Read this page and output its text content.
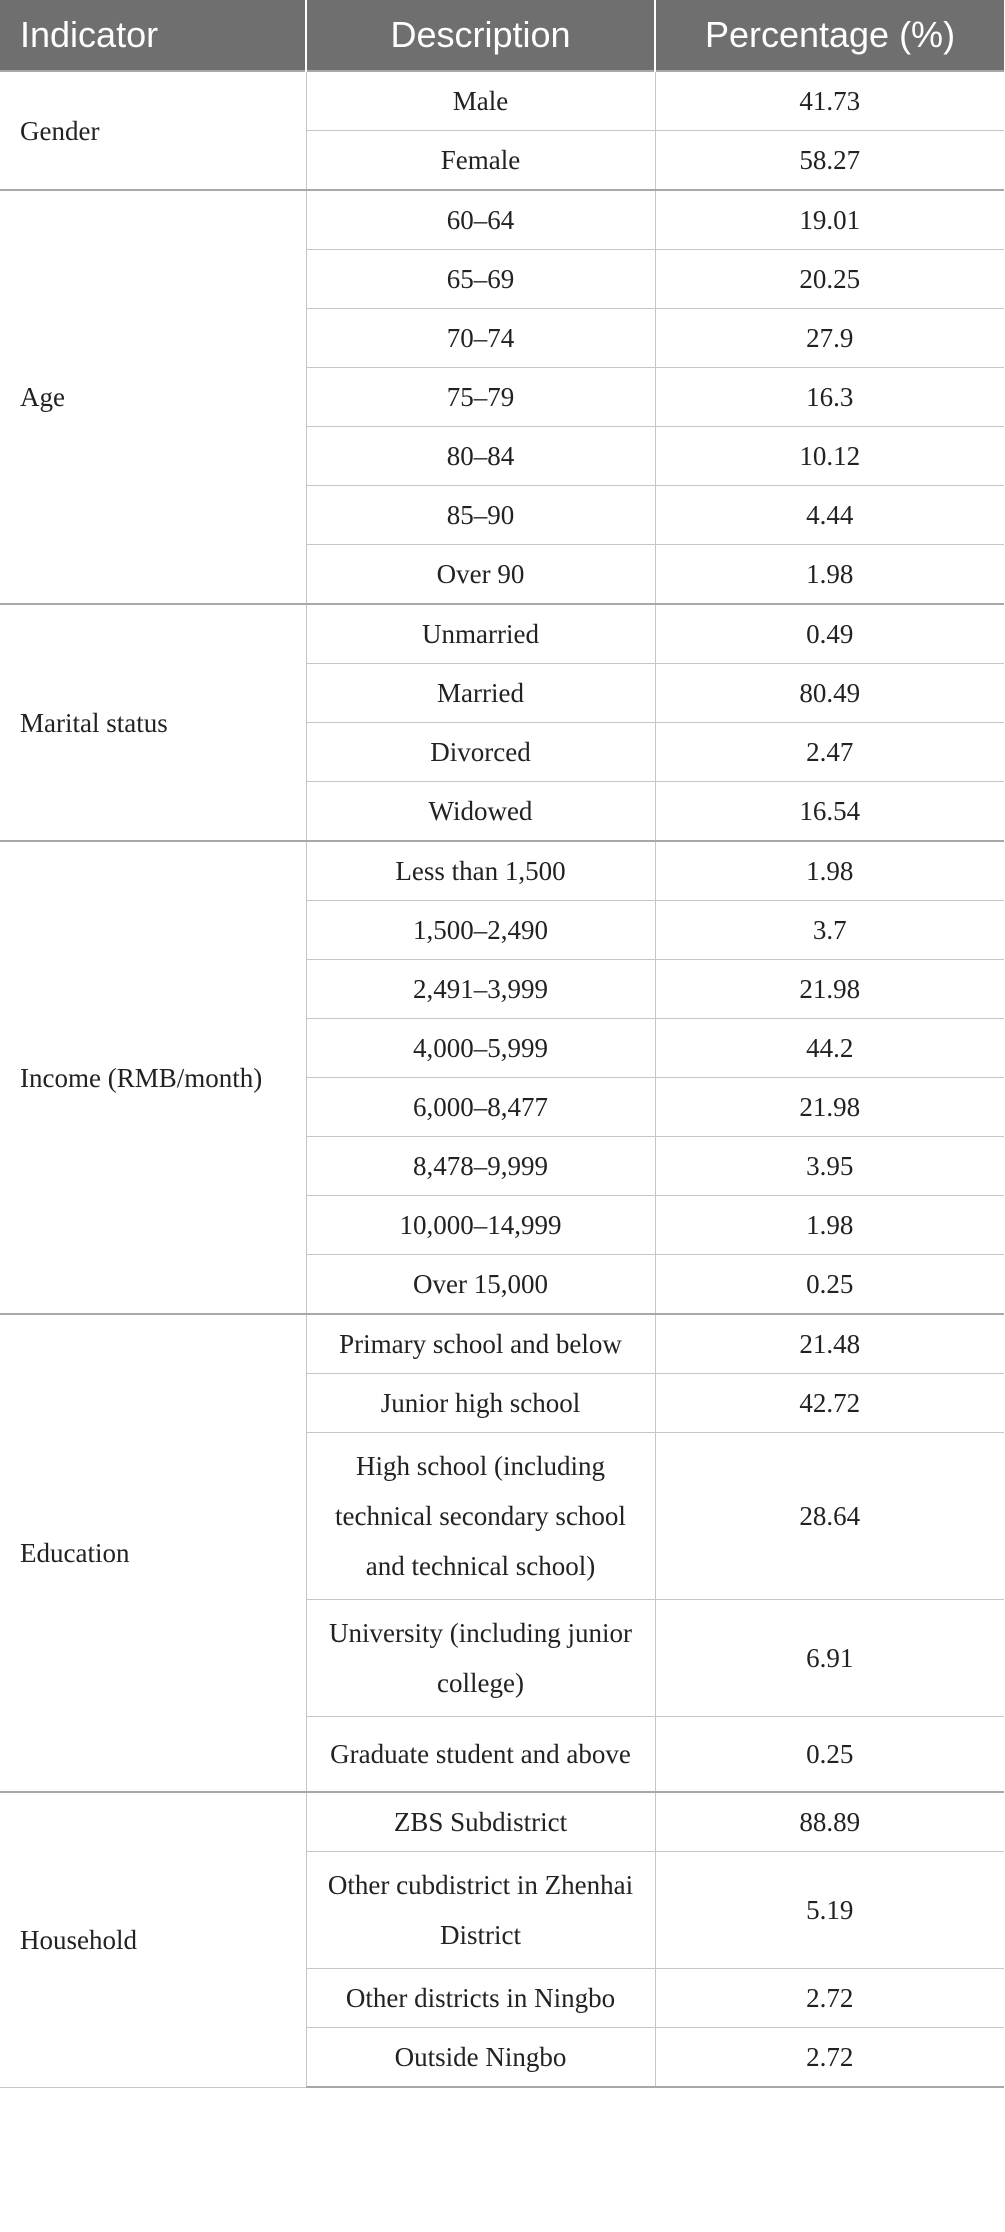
Indicator	Description	Percentage (%)
Gender	Male	41.73
	Female	58.27
Age	60–64	19.01
	65–69	20.25
	70–74	27.9
	75–79	16.3
	80–84	10.12
	85–90	4.44
	Over 90	1.98
Marital status	Unmarried	0.49
	Married	80.49
	Divorced	2.47
	Widowed	16.54
Income (RMB/month)	Less than 1,500	1.98
	1,500–2,490	3.7
	2,491–3,999	21.98
	4,000–5,999	44.2
	6,000–8,477	21.98
	8,478–9,999	3.95
	10,000–14,999	1.98
	Over 15,000	0.25
Education	Primary school and below	21.48
	Junior high school	42.72
	High school (including technical secondary school and technical school)	28.64
	University (including junior college)	6.91
	Graduate student and above	0.25
Household	ZBS Subdistrict	88.89
	Other cubdistrict in Zhenhai District	5.19
	Other districts in Ningbo	2.72
	Outside Ningbo	2.72
